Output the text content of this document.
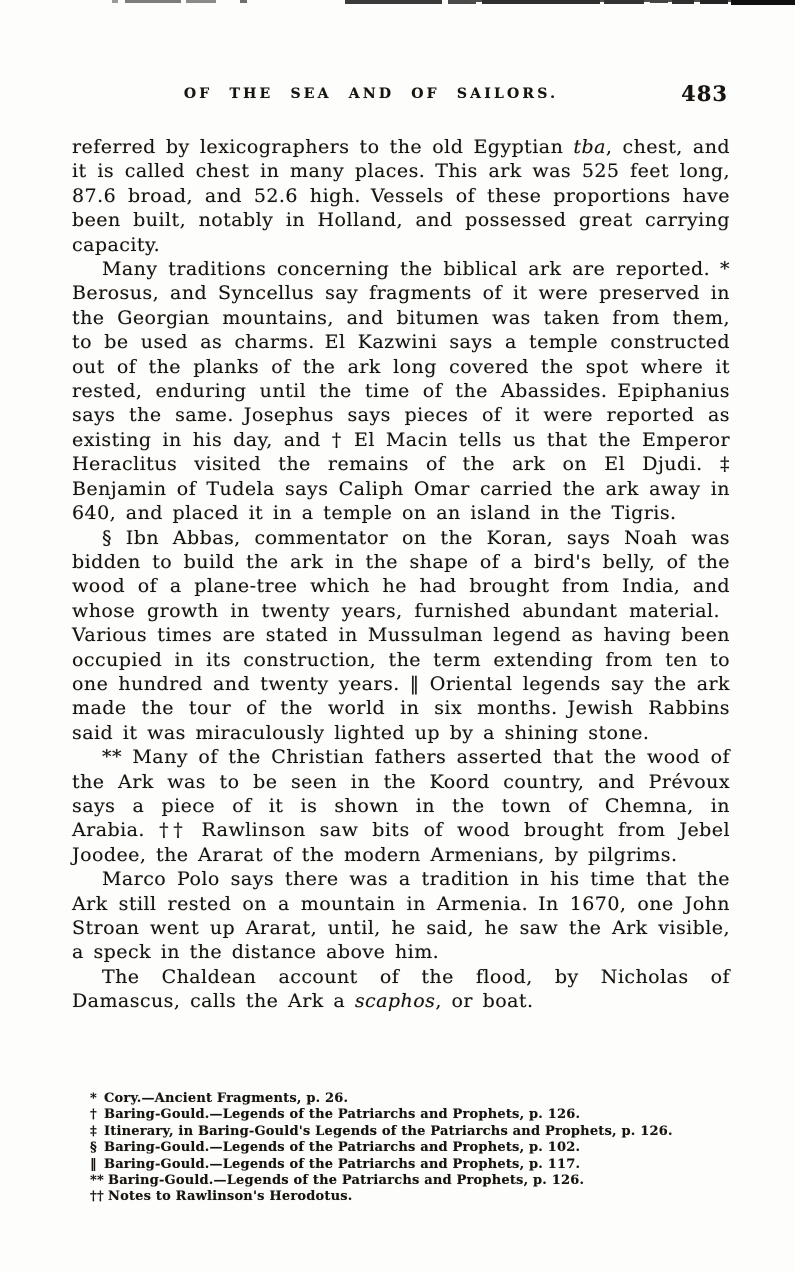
OF THE SEA AND OF SAILORS.	483

referred by lexicographers to the old Egyptian tba, chest, and it is called chest in many places. This ark was 525 feet long, 87.6 broad, and 52.6 high. Vessels of these proportions have been built, notably in Holland, and possessed great carrying capacity.

Many traditions concerning the biblical ark are reported. * Berosus, and Syncellus say fragments of it were preserved in the Georgian mountains, and bitumen was taken from them, to be used as charms. El Kazwini says a temple constructed out of the planks of the ark long covered the spot where it rested, enduring until the time of the Abassides. Epiphanius says the same. Josephus says pieces of it were reported as existing in his day, and † El Macin tells us that the Emperor Heraclitus visited the remains of the ark on El Djudi. ‡ Benjamin of Tudela says Caliph Omar carried the ark away in 640, and placed it in a temple on an island in the Tigris.

§ Ibn Abbas, commentator on the Koran, says Noah was bidden to build the ark in the shape of a bird's belly, of the wood of a plane-tree which he had brought from India, and whose growth in twenty years, furnished abundant material. Various times are stated in Mussulman legend as having been occupied in its construction, the term extending from ten to one hundred and twenty years. ‖ Oriental legends say the ark made the tour of the world in six months. Jewish Rabbins said it was miraculously lighted up by a shining stone.

** Many of the Christian fathers asserted that the wood of the Ark was to be seen in the Koord country, and Prévoux says a piece of it is shown in the town of Chemna, in Arabia. †† Rawlinson saw bits of wood brought from Jebel Joodee, the Ararat of the modern Armenians, by pilgrims.

Marco Polo says there was a tradition in his time that the Ark still rested on a mountain in Armenia. In 1670, one John Stroan went up Ararat, until, he said, he saw the Ark visible, a speck in the distance above him.

The Chaldean account of the flood, by Nicholas of Damascus, calls the Ark a scaphos, or boat.

* Cory.—Ancient Fragments, p. 26.
† Baring-Gould.—Legends of the Patriarchs and Prophets, p. 126.
‡ Itinerary, in Baring-Gould's Legends of the Patriarchs and Prophets, p. 126.
§ Baring-Gould.—Legends of the Patriarchs and Prophets, p. 102.
‖ Baring-Gould.—Legends of the Patriarchs and Prophets, p. 117.
** Baring-Gould.—Legends of the Patriarchs and Prophets, p. 126.
†† Notes to Rawlinson's Herodotus.
